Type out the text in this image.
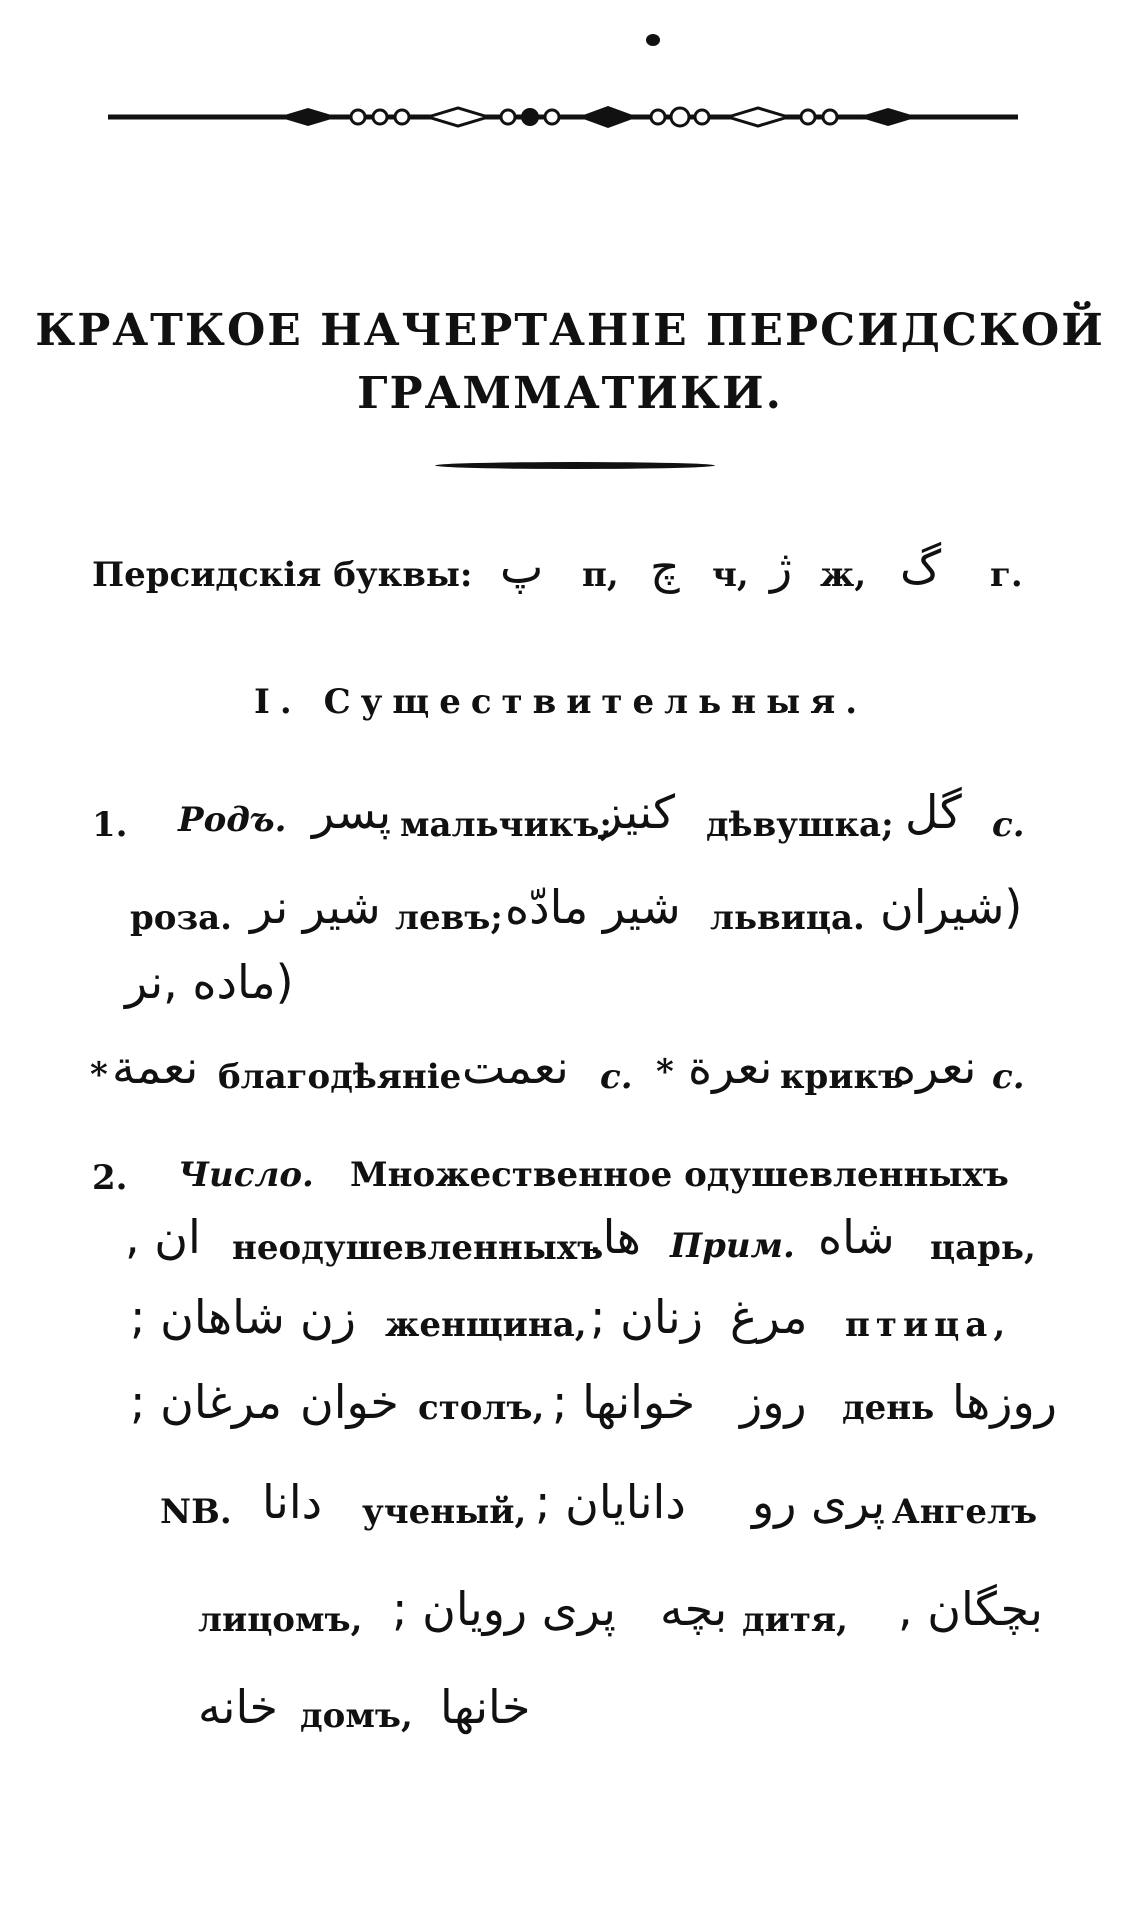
КРАТКОЕ НАЧЕРТАНІЕ ПЕРСИДСКОЙ
ГРАММАТИКИ.
Персидскія буквы: پ п, چ ч, ژ ж, گ г.
I. Существительныя.
1. Родъ. پسر мальчикъ;
کنیز дѣвушка; گل с.
роза. شیر نر левъ; شیر مادّه львица. (شیران
(ماده ,نر
* نعمة благодѣяніе نعمت с. * نعرة крикъ
نعره с.
2. Число. Множественное одушевленныхъ
ان , неодушевленныхъ
ها. Прим. شاه царь,
شاهان ; زن женщина, زنان ; مرغ птица,
مرغان ; خوان столъ, خوانها ; روز день روزها
NB. دانا ученый, دانایان ; پری رو Ангелъ
лицомъ, پری رویان ; بچه дитя, بچگان ,
خانه домъ, خانها
